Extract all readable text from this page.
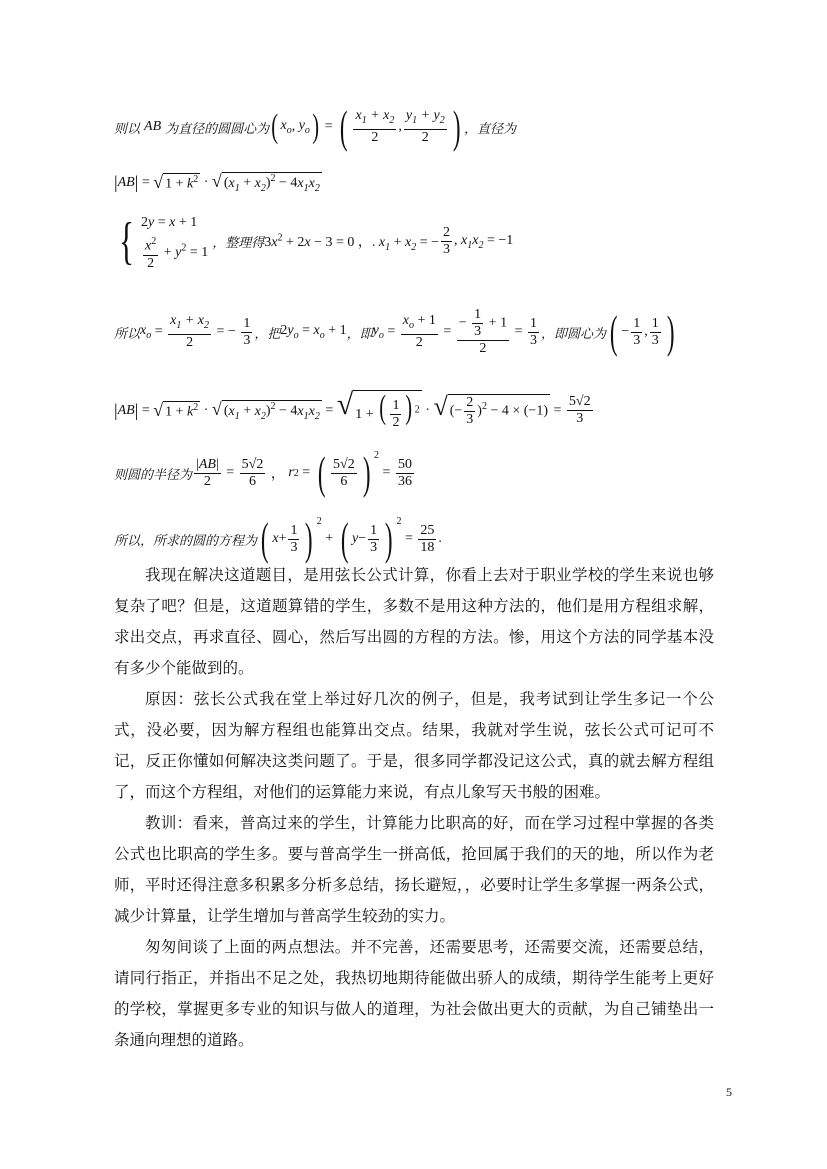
则以 AB 为直径的圆圆心为 ( $x_o$ , $y_o$ ) = ( $\frac{x_1 + x_2}{2}$ , $\frac{y_1 + y_2}{2}$ ) ，直径为
| AB | = √ $1 + k^2$ · √ $(x_1 + x_2)^2 - 4x_1x_2$
{ 2y = x + 1
$\frac{x^2}{2} + y^2 = 1$
，整理得 $3x^2 + 2x - 3 = 0$ ，. $x_1 + x_2$ = − $\frac{2}{3}$ , $x_1x_2 = -1$
所以 $x_o = \frac{x_1 + x_2}{2}$ = − $\frac{1}{3}$ ，把 $2y_o = x_o + 1$ ，即 $y_o = \frac{x_o + 1}{2} = \frac{- \frac{1}{3} + 1}{2} = \frac{1}{3}$ ，即圆心为 ( − $\frac{1}{3}$ , $\frac{1}{3}$ )
| AB | = √ $1 + k^2$ · √ $(x_1 + x_2)^2 - 4x_1x_2$ = √ 1 + ( $\frac{1}{2}$ ) $^2$ · √ (− $\frac{2}{3} )^2 - 4 \times (-1) = \frac{5√2}{3}$
则圆的半径为 $\frac{|AB|}{2} = \frac{5√2}{6}$ ， r 2 = ( $\frac{5√2}{6}$ ) $^2$
= $\frac{50}{36}$
所以，所求的圆的方程为 ( $x + \frac{1}{3}$ ) $^2$
+ ( $y - \frac{1}{3}$ ) $^2$
= $\frac{25}{18}$ .

我现在解决这道题目，是用弦长公式计算，你看上去对于职业学校的学生来说也够复杂了吧？但是，这道题算错的学生，多数不是用这种方法的，他们是用方程组求解，求出交点，再求直径、圆心，然后写出圆的方程的方法。惨，用这个方法的同学基本没有多少个能做到的。

原因：弦长公式我在堂上举过好几次的例子，但是，我考试到让学生多记一个公式，没必要，因为解方程组也能算出交点。结果，我就对学生说，弦长公式可记可不记，反正你懂如何解决这类问题了。于是，很多同学都没记这公式，真的就去解方程组了，而这个方程组，对他们的运算能力来说，有点儿象写天书般的困难。

教训：看来，普高过来的学生，计算能力比职高的好，而在学习过程中掌握的各类公式也比职高的学生多。要与普高学生一拼高低，抢回属于我们的天的地，所以作为老师，平时还得注意多积累多分析多总结，扬长避短，，必要时让学生多掌握一两条公式，减少计算量，让学生增加与普高学生较劲的实力。

匆匆间谈了上面的两点想法。并不完善，还需要思考，还需要交流，还需要总结，请同行指正，并指出不足之处，我热切地期待能做出骄人的成绩，期待学生能考上更好的学校，掌握更多专业的知识与做人的道理，为社会做出更大的贡献，为自己铺垫出一条通向理想的道路。

5
